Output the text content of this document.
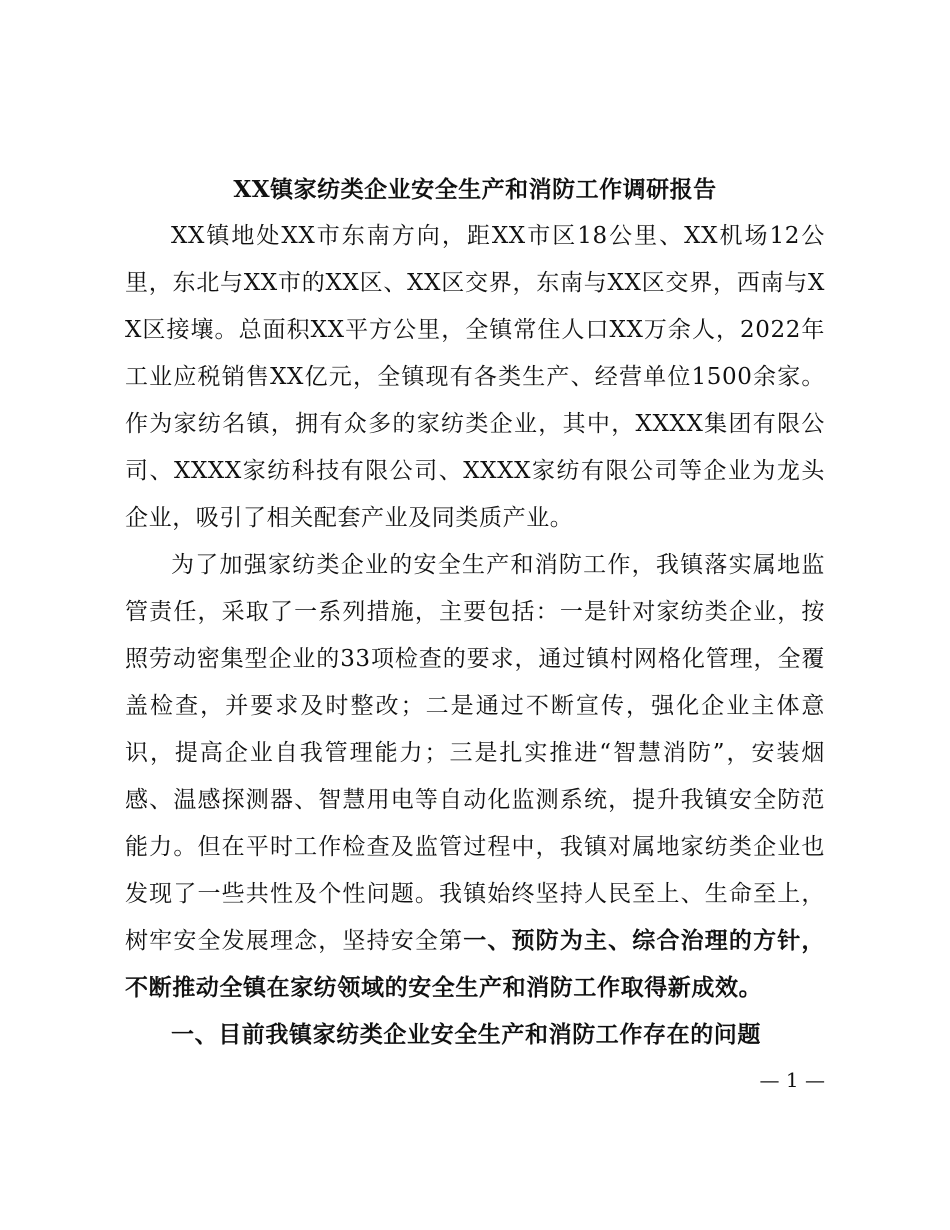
XX镇家纺类企业安全生产和消防工作调研报告

XX镇地处XX市东南方向，距XX市区18公里、XX机场12公里，东北与XX市的XX区、XX区交界，东南与XX区交界，西南与XX区接壤。总面积XX平方公里，全镇常住人口XX万余人，2022年工业应税销售XX亿元，全镇现有各类生产、经营单位1500余家。作为家纺名镇，拥有众多的家纺类企业，其中，XXXX集团有限公司、XXXX家纺科技有限公司、XXXX家纺有限公司等企业为龙头企业，吸引了相关配套产业及同类质产业。

为了加强家纺类企业的安全生产和消防工作，我镇落实属地监管责任，采取了一系列措施，主要包括：一是针对家纺类企业，按照劳动密集型企业的33项检查的要求，通过镇村网格化管理，全覆盖检查，并要求及时整改；二是通过不断宣传，强化企业主体意识，提高企业自我管理能力；三是扎实推进“智慧消防”，安装烟感、温感探测器、智慧用电等自动化监测系统，提升我镇安全防范能力。但在平时工作检查及监管过程中，我镇对属地家纺类企业也发现了一些共性及个性问题。我镇始终坚持人民至上、生命至上，树牢安全发展理念，坚持安全第一、预防为主、综合治理的方针，不断推动全镇在家纺领域的安全生产和消防工作取得新成效。

一、目前我镇家纺类企业安全生产和消防工作存在的问题

— 1 —
